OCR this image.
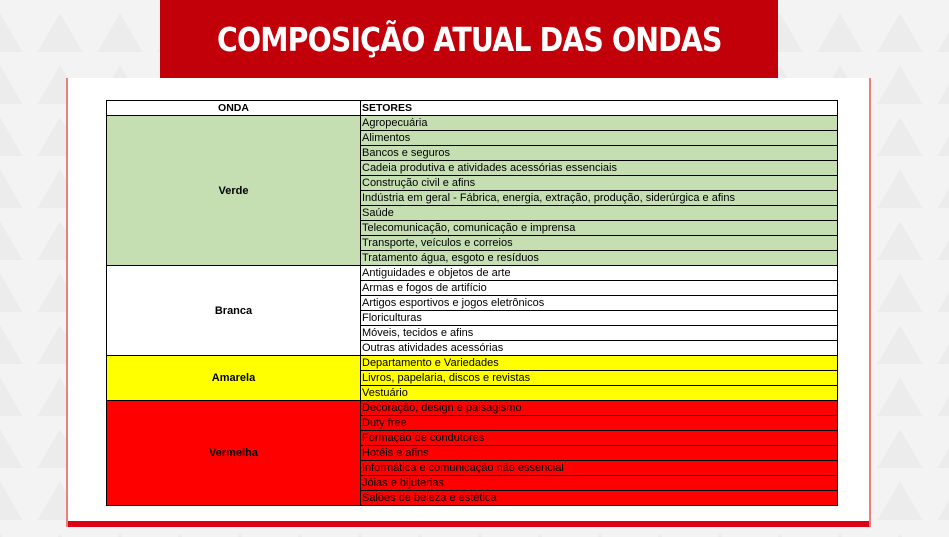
COMPOSIÇÃO ATUAL DAS ONDAS
ONDA	SETORES
Verde	Agropecuária
	Alimentos
	Bancos e seguros
	Cadeia produtiva e atividades acessórias essenciais
	Construção civil e afins
	Indústria em geral - Fábrica, energia, extração, produção, siderúrgica e afins
	Saúde
	Telecomunicação, comunicação e imprensa
	Transporte, veículos e correios
	Tratamento água, esgoto e resíduos
Branca	Antiguidades e objetos de arte
	Armas e fogos de artifício
	Artigos esportivos e jogos eletrônicos
	Floriculturas
	Móveis, tecidos e afins
	Outras atividades acessórias
Amarela	Departamento e Variedades
	Livros, papelaria, discos e revistas
	Vestuário
Vermelha	Decoração, design e paisagismo
	Duty free
	Formação de condutores
	Hotéis e afins
	Informática e comunicação não essencial
	Jóias e bijuterias
	Salões de beleza e estética
